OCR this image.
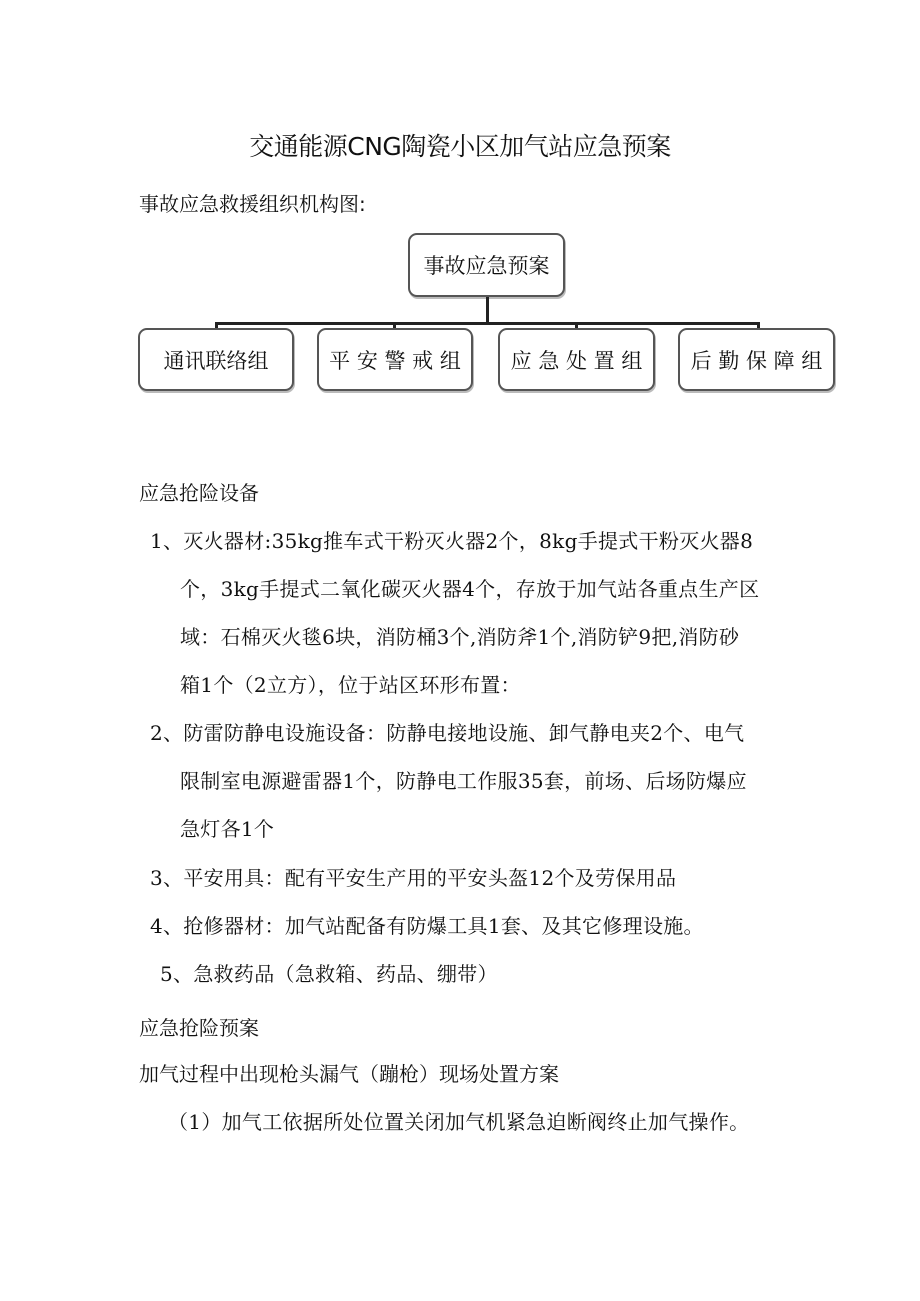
交通能源CNG陶瓷小区加气站应急预案
事故应急救援组织机构图:
事故应急预案
通讯联络组	平 安 警 戒 组	应 急 处 置 组	后 勤 保 障 组
应急抢险设备
1、灭火器材:35kg推车式干粉灭火器2个，8kg手提式干粉灭火器8
个，3kg手提式二氧化碳灭火器4个，存放于加气站各重点生产区
域：石棉灭火毯6块，消防桶3个,消防斧1个,消防铲9把,消防砂
箱1个（2立方），位于站区环形布置：
2、防雷防静电设施设备：防静电接地设施、卸气静电夹2个、电气
限制室电源避雷器1个，防静电工作服35套，前场、后场防爆应
急灯各1个
3、平安用具：配有平安生产用的平安头盔12个及劳保用品
4、抢修器材：加气站配备有防爆工具1套、及其它修理设施。
5、急救药品（急救箱、药品、绷带）
应急抢险预案
加气过程中出现枪头漏气（蹦枪）现场处置方案
（1）加气工依据所处位置关闭加气机紧急迫断阀终止加气操作。
